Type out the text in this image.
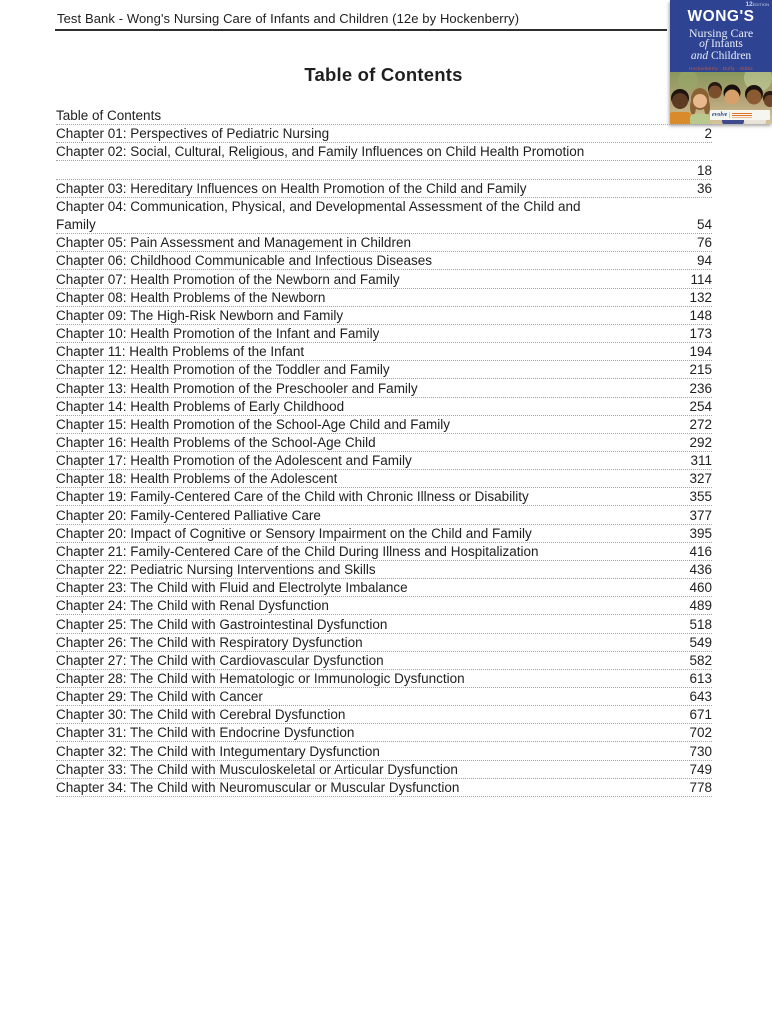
Test Bank - Wong's Nursing Care of Infants and Children (12e by Hockenberry)
12EDITION
WONG'S
Nursing Care
of Infants
and Children
Hockenberry · Duffy · Gibbs
evolve
Table of Contents
Table of Contents
Chapter 01: Perspectives of Pediatric Nursing	2
Chapter 02: Social, Cultural, Religious, and Family Influences on Child Health Promotion
18
Chapter 03: Hereditary Influences on Health Promotion of the Child and Family	36
Chapter 04: Communication, Physical, and Developmental Assessment of the Child and
Family	54
Chapter 05: Pain Assessment and Management in Children	76
Chapter 06: Childhood Communicable and Infectious Diseases	94
Chapter 07: Health Promotion of the Newborn and Family	114
Chapter 08: Health Problems of the Newborn	132
Chapter 09: The High-Risk Newborn and Family	148
Chapter 10: Health Promotion of the Infant and Family	173
Chapter 11: Health Problems of the Infant	194
Chapter 12: Health Promotion of the Toddler and Family	215
Chapter 13: Health Promotion of the Preschooler and Family	236
Chapter 14: Health Problems of Early Childhood	254
Chapter 15: Health Promotion of the School-Age Child and Family	272
Chapter 16: Health Problems of the School-Age Child	292
Chapter 17: Health Promotion of the Adolescent and Family	311
Chapter 18: Health Problems of the Adolescent	327
Chapter 19: Family-Centered Care of the Child with Chronic Illness or Disability	355
Chapter 20: Family-Centered Palliative Care	377
Chapter 20: Impact of Cognitive or Sensory Impairment on the Child and Family	395
Chapter 21: Family-Centered Care of the Child During Illness and Hospitalization	416
Chapter 22: Pediatric Nursing Interventions and Skills	436
Chapter 23: The Child with Fluid and Electrolyte Imbalance	460
Chapter 24: The Child with Renal Dysfunction	489
Chapter 25: The Child with Gastrointestinal Dysfunction	518
Chapter 26: The Child with Respiratory Dysfunction	549
Chapter 27: The Child with Cardiovascular Dysfunction	582
Chapter 28: The Child with Hematologic or Immunologic Dysfunction	613
Chapter 29: The Child with Cancer	643
Chapter 30: The Child with Cerebral Dysfunction	671
Chapter 31: The Child with Endocrine Dysfunction	702
Chapter 32: The Child with Integumentary Dysfunction	730
Chapter 33: The Child with Musculoskeletal or Articular Dysfunction	749
Chapter 34: The Child with Neuromuscular or Muscular Dysfunction	778
